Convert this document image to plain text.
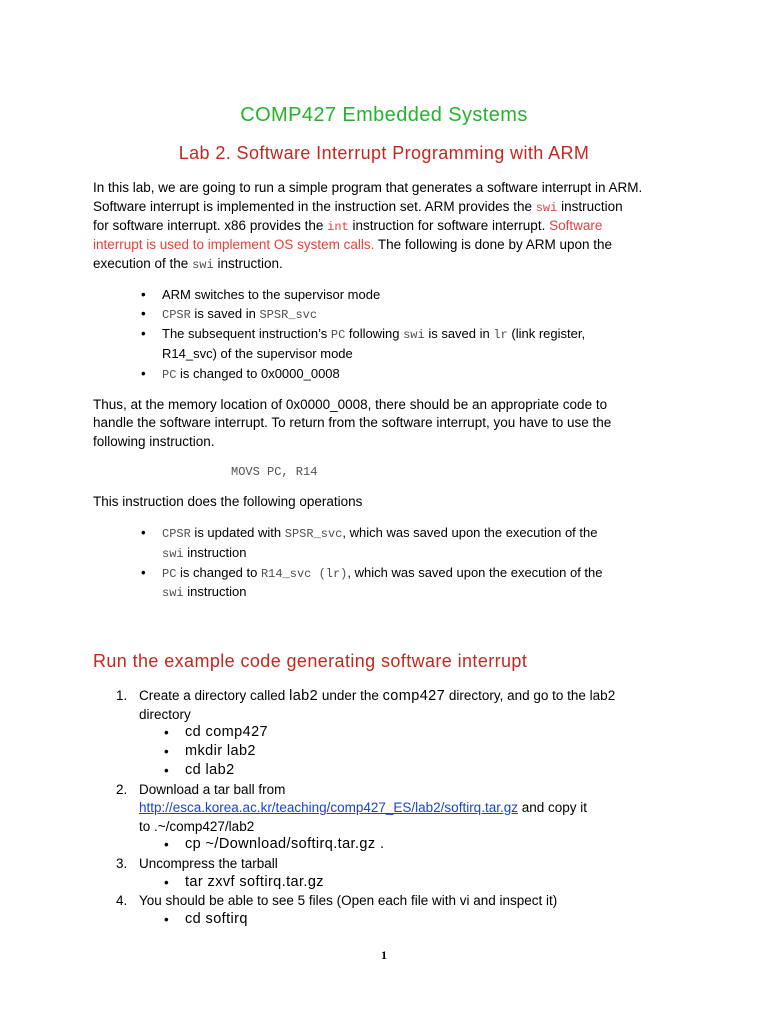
COMP427 Embedded Systems
Lab 2. Software Interrupt Programming with ARM
In this lab, we are going to run a simple program that generates a software interrupt in ARM.
Software interrupt is implemented in the instruction set. ARM provides the swi instruction
for software interrupt. x86 provides the int instruction for software interrupt. Software
interrupt is used to implement OS system calls. The following is done by ARM upon the
execution of the swi instruction.
• ARM switches to the supervisor mode
• CPSR is saved in SPSR_svc
• The subsequent instruction’s PC following swi is saved in lr (link register,
R14_svc) of the supervisor mode
• PC is changed to 0x0000_0008
Thus, at the memory location of 0x0000_0008, there should be an appropriate code to
handle the software interrupt. To return from the software interrupt, you have to use the
following instruction.
MOVS PC, R14
This instruction does the following operations
• CPSR is updated with SPSR_svc, which was saved upon the execution of the
swi instruction
• PC is changed to R14_svc (lr), which was saved upon the execution of the
swi instruction
Run the example code generating software interrupt
1. Create a directory called lab2 under the comp427 directory, and go to the lab2
directory
• cd comp427
• mkdir lab2
• cd lab2
2. Download a tar ball from
http://esca.korea.ac.kr/teaching/comp427_ES/lab2/softirq.tar.gz and copy it
to .~/comp427/lab2
• cp ~/Download/softirq.tar.gz .
3. Uncompress the tarball
• tar zxvf softirq.tar.gz
4. You should be able to see 5 files (Open each file with vi and inspect it)
• cd softirq
1
